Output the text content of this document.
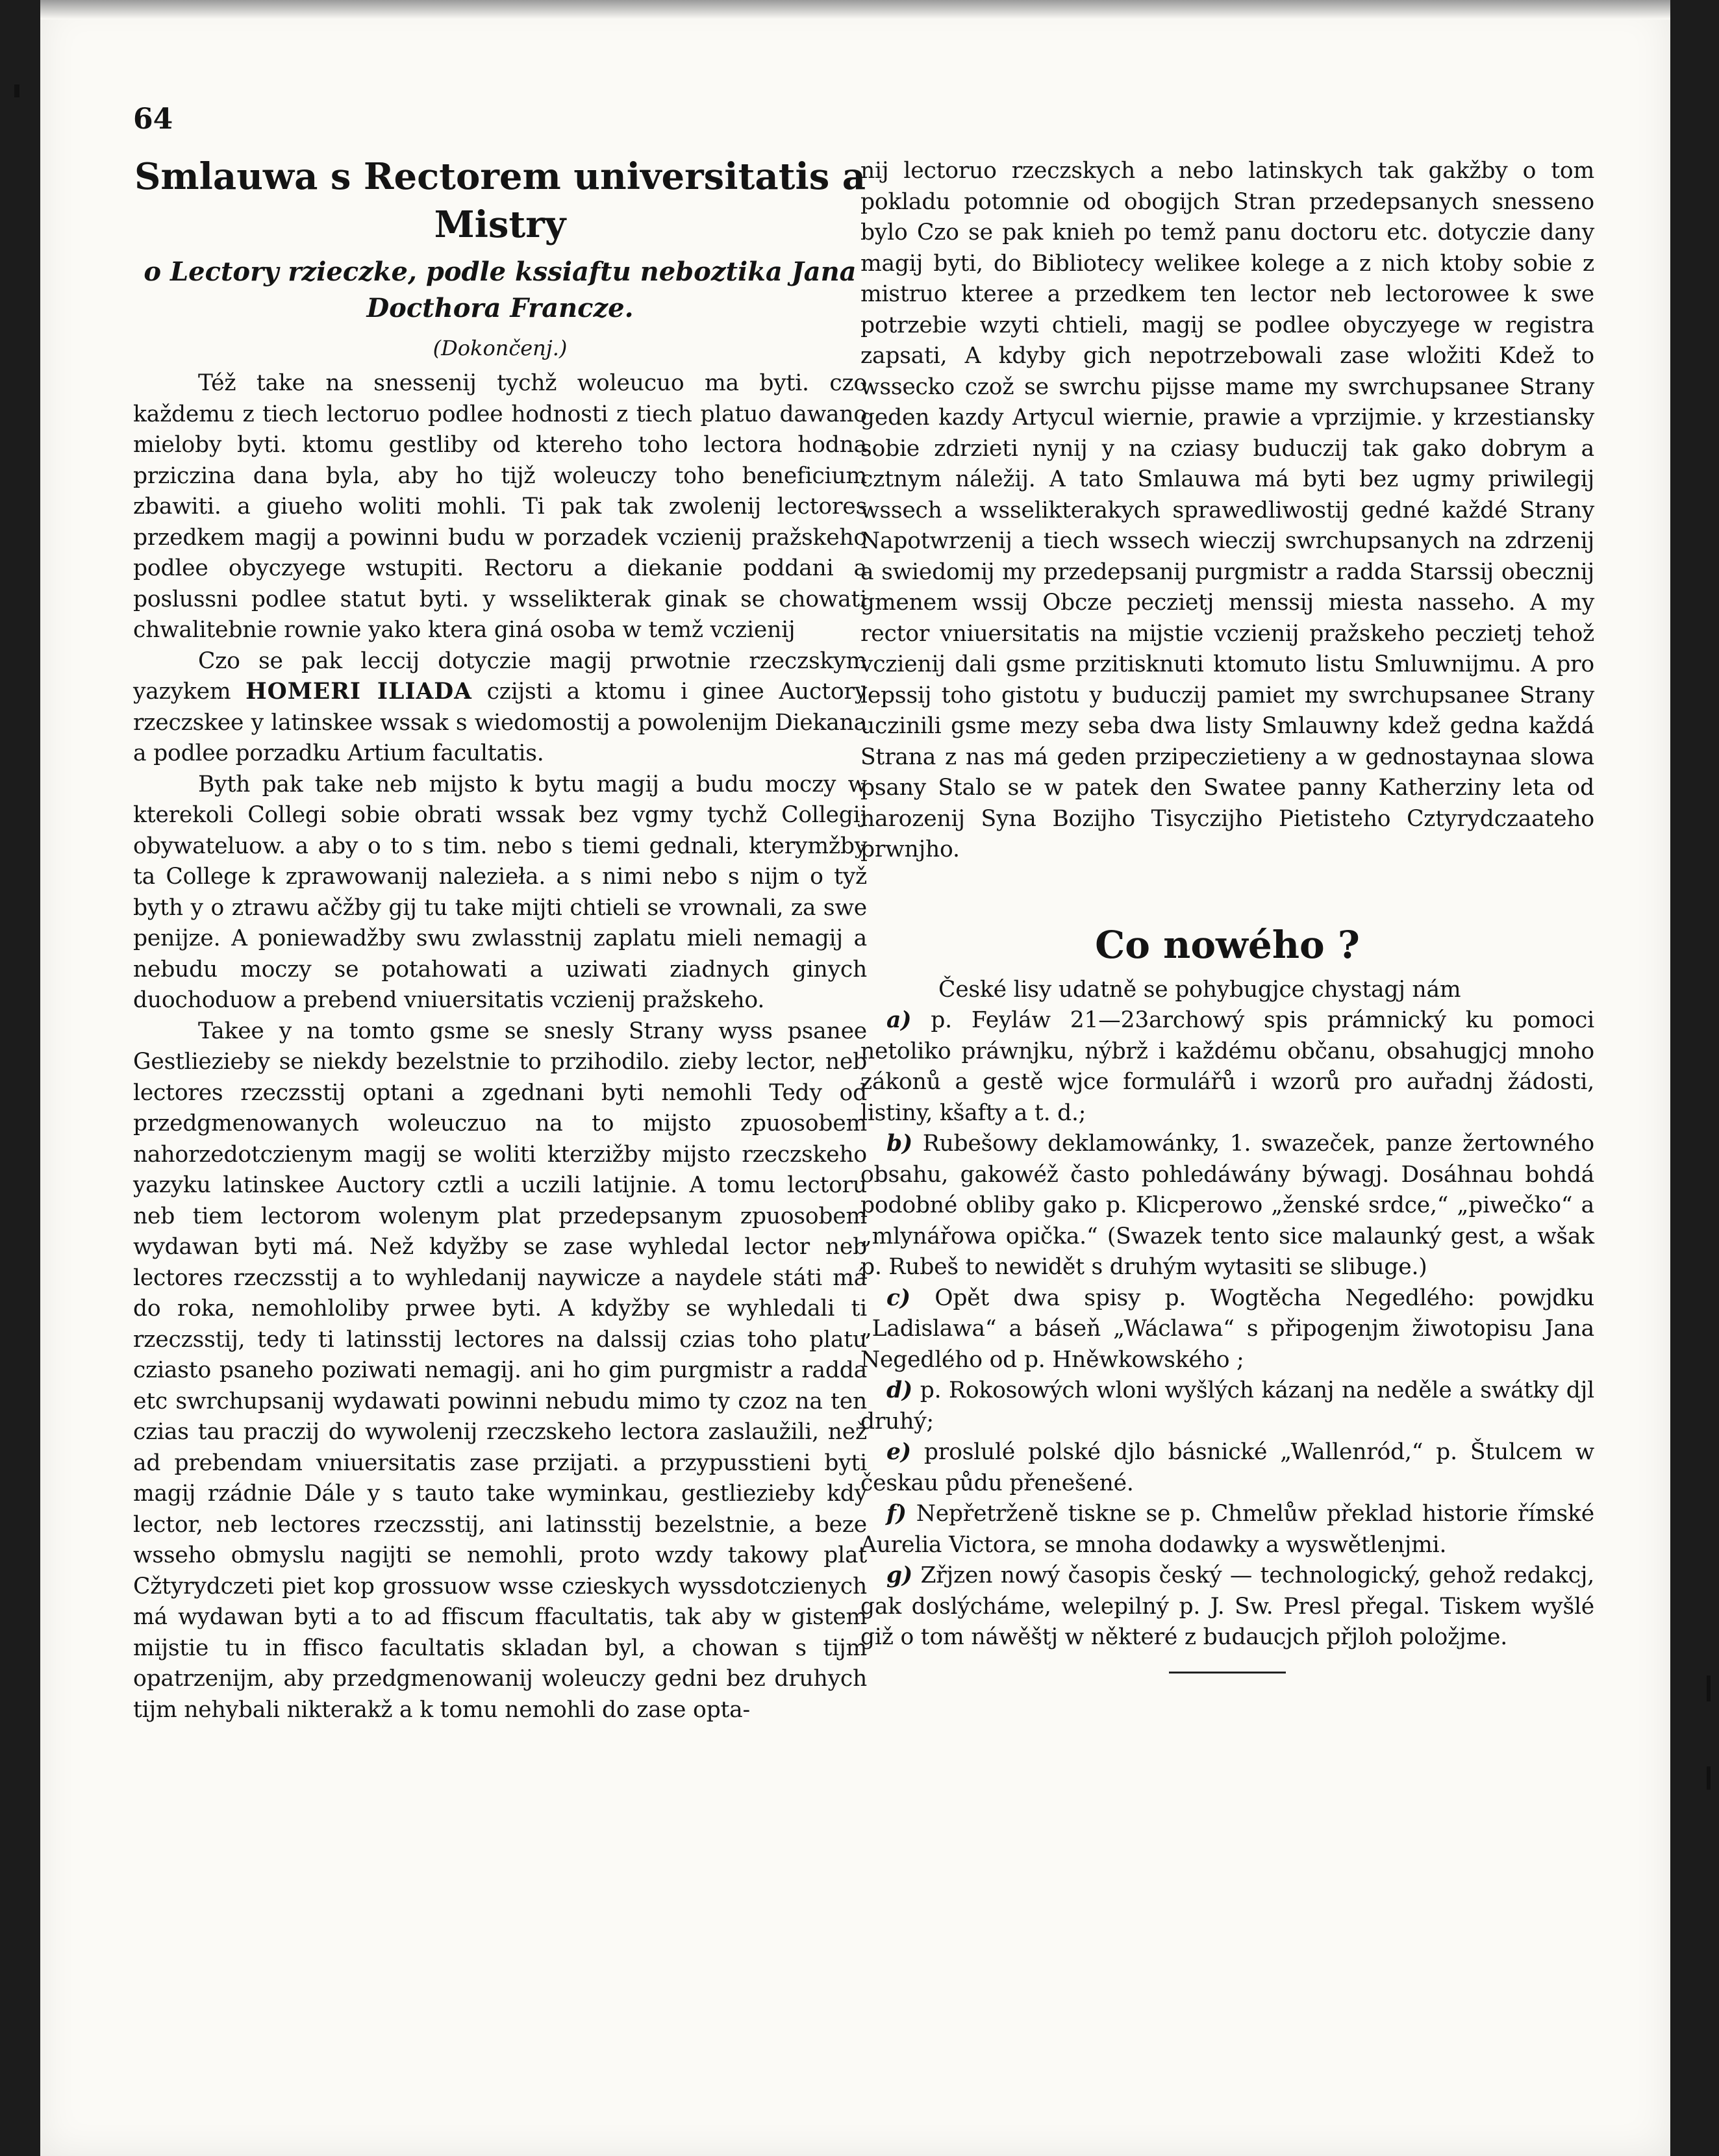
64
Smlauwa s Rectorem universitatis a
Mistry

o Lectory rzieczke, podle kssiaftu neboztika Jana
Docthora Francze.

(Dokončenj.)

Též take na snessenij tychž woleucuo ma byti. czo každemu z tiech lectoruo podlee hodnosti z tiech platuo dawano mieloby byti. ktomu gestliby od ktereho toho lectora hodna prziczina dana byla, aby ho tijž woleuczy toho beneficium zbawiti. a giueho woliti mohli. Ti pak tak zwolenij lectores przedkem magij a powinni budu w porzadek vczienij pražskeho podlee obyczyege wstupiti. Rectoru a diekanie poddani a poslussni podlee statut byti. y wsselikterak ginak se chowati chwalitebnie rownie yako ktera giná osoba w temž vczienij

Czo se pak leccij dotyczie magij prwotnie rzeczskym yazykem HOMERI ILIADA czijsti a ktomu i ginee Auctory rzeczskee y latinskee wssak s wiedomostij a powolenijm Diekana a podlee porzadku Artium facultatis.

Byth pak take neb mijsto k bytu magij a budu moczy w kterekoli Collegi sobie obrati wssak bez vgmy tychž Collegij obywateluow. a aby o to s tim. nebo s tiemi gednali, kterymžby ta College k zprawowanij nalezieła. a s nimi nebo s nijm o tyž byth y o ztrawu ačžby gij tu take mijti chtieli se vrownali, za swe penijze. A poniewadžby swu zwlasstnij zaplatu mieli nemagij a nebudu moczy se potahowati a uziwati ziadnych ginych duochoduow a prebend vniuersitatis vczienij pražskeho.

Takee y na tomto gsme se snesly Strany wyss psanee Gestliezieby se niekdy bezelstnie to przihodilo. zieby lector, neb lectores rzeczsstij optani a zgednani byti nemohli Tedy od przedgmenowanych woleuczuo na to mijsto zpuosobem nahorzedotczienym magij se woliti kterzižby mijsto rzeczskeho yazyku latinskee Auctory cztli a uczili latijnie. A tomu lectoru neb tiem lectorom wolenym plat przedepsanym zpuosobem wydawan byti má. Než kdyžby se zase wyhledal lector neb lectores rzeczsstij a to wyhledanij naywicze a naydele státi má do roka, nemohloliby prwee byti. A kdyžby se wyhledali ti rzeczsstij, tedy ti latinsstij lectores na dalssij czias toho platu cziasto psaneho poziwati nemagij. ani ho gim purgmistr a radda etc swrchupsanij wydawati powinni nebudu mimo ty czoz na ten czias tau praczij do wywolenij rzeczskeho lectora zaslaužili, než ad prebendam vniuersitatis zase przijati. a przypusstieni byti magij rzádnie Dále y s tauto take wyminkau, gestliezieby kdy lector, neb lectores rzeczsstij, ani latinsstij bezelstnie, a beze wsseho obmyslu nagijti se nemohli, proto wzdy takowy plat Cžtyrydczeti piet kop grossuow wsse czieskych wyssdotczienych má wydawan byti a to ad ffiscum ffacultatis, tak aby w gistem mijstie tu in ffisco facultatis skladan byl, a chowan s tijm opatrzenijm, aby przedgmenowanij woleuczy gedni bez druhych tijm nehybali nikterakž a k tomu nemohli do zase opta-

nij lectoruo rzeczskych a nebo latinskych tak gakžby o tom pokladu potomnie od obogijch Stran przedepsanych snesseno bylo Czo se pak knieh po temž panu doctoru etc. dotyczie dany magij byti, do Bibliotecy welikee kolege a z nich ktoby sobie z mistruo kteree a przedkem ten lector neb lectorowee k swe potrzebie wzyti chtieli, magij se podlee obyczyege w registra zapsati, A kdyby gich nepotrzebowali zase wložiti Kdež to wssecko czož se swrchu pijsse mame my swrchupsanee Strany geden kazdy Artycul wiernie, prawie a vprzijmie. y krzestiansky sobie zdrzieti nynij y na cziasy buduczij tak gako dobrym a cztnym náležij. A tato Smlauwa má byti bez ugmy priwilegij wssech a wsselikterakych sprawedliwostij gedné každé Strany Napotwrzenij a tiech wssech wieczij swrchupsanych na zdrzenij a swiedomij my przedepsanij purgmistr a radda Starssij obecznij gmenem wssij Obcze peczietj menssij miesta nasseho. A my rector vniuersitatis na mijstie vczienij pražskeho peczietj tehož vczienij dali gsme przitisknuti ktomuto listu Smluwnijmu. A pro lepssij toho gistotu y buduczij pamiet my swrchupsanee Strany uczinili gsme mezy seba dwa listy Smlauwny kdež gedna každá Strana z nas má geden przipeczietieny a w gednostaynaa slowa psany Stalo se w patek den Swatee panny Katherziny leta od narozenij Syna Bozijho Tisyczijho Pietisteho Cztyrydczaateho prwnjho.

Co nowého ?

České lisy udatně se pohybugjce chystagj nám

a) p. Feyláw 21—23archowý spis prámnický ku pomoci netoliko práwnjku, nýbrž i každému občanu, obsahugjcj mnoho zákonů a gestě wjce formulářů i wzorů pro auřadnj žádosti, listiny, kšafty a t. d.;

b) Rubešowy deklamowánky, 1. swazeček, panze žertowného obsahu, gakowéž často pohledáwány býwagj. Dosáhnau bohdá podobné obliby gako p. Klicperowo „ženské srdce,“ „piwečko“ a „mlynářowa opička.“ (Swazek tento sice malaunký gest, a wšak p. Rubeš to newidět s druhým wytasiti se slibuge.)

c) Opět dwa spisy p. Wogtěcha Negedlého: powjdku „Ladislawa“ a báseň „Wáclawa“ s připogenjm žiwotopisu Jana Negedlého od p. Hněwkowského ;

d) p. Rokosowých wloni wyšlých kázanj na neděle a swátky djl druhý;

e) proslulé polské djlo básnické „Wallenród,“ p. Štulcem w českau půdu přenešené.

f) Nepřetrženě tiskne se p. Chmelůw překlad historie římské Aurelia Victora, se mnoha dodawky a wyswětlenjmi.

g) Zřjzen nowý časopis český — technologický, gehož redakcj, gak doslýcháme, welepilný p. J. Sw. Presl přegal. Tiskem wyšlé giž o tom náwěštj w některé z budaucjch přjloh položjme.
